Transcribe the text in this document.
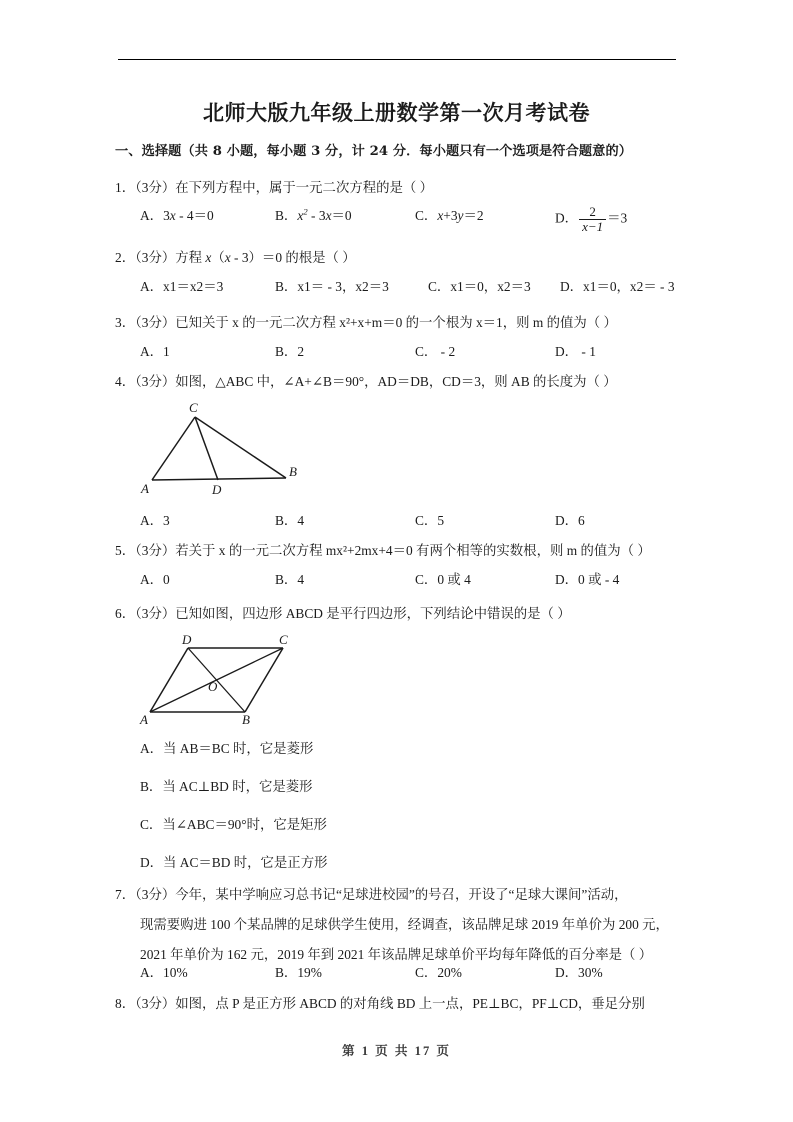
北师大版九年级上册数学第一次月考试卷
一、选择题（共 8 小题，每小题 3 分，计 24 分．每小题只有一个选项是符合题意的）
1．（3分）在下列方程中，属于一元二次方程的是（ ）
A．3x - 4＝0	B．$x^2 - 3x=0$	C．x+3y＝2	D． $\frac{2}{x-1} =3$
2．（3分）方程 x（x - 3）＝0 的根是（ ）
A．x1＝x2＝3	B．x1＝ - 3，x2＝3	C．x1＝0，x2＝3 D．x1＝0，x2＝ - 3
3．（3分）已知关于 x 的一元二次方程 x²+x+m＝0 的一个根为 x＝1，则 m 的值为（ ）
A．1	B．2	C． - 2	D． - 1
4．（3分）如图，△ABC 中，∠A+∠B＝90°，AD＝DB，CD＝3，则 AB 的长度为（ ）
C
A
B
D
A．3	B．4	C．5	D．6
5．（3分）若关于 x 的一元二次方程 mx²+2mx+4＝0 有两个相等的实数根，则 m 的值为（ ）
A．0	B．4	C．0 或 4	D．0 或 - 4
6．（3分）已知如图，四边形 ABCD 是平行四边形，下列结论中错误的是（ ）
D	C
A	B
O
A．当 AB＝BC 时，它是菱形
B．当 AC⊥BD 时，它是菱形
C．当∠ABC＝90°时，它是矩形
D．当 AC＝BD 时，它是正方形
7．（3分）今年，某中学响应习总书记“足球进校园”的号召，开设了“足球大课间”活动，
现需要购进 100 个某品牌的足球供学生使用，经调查，该品牌足球 2019 年单价为 200 元，
2021 年单价为 162 元，2019 年到 2021 年该品牌足球单价平均每年降低的百分率是（ ）
A．10%	B．19%	C．20%	D．30%
8．（3分）如图，点 P 是正方形 ABCD 的对角线 BD 上一点，PE⊥BC，PF⊥CD，垂足分别
第 1 页 共 17 页
